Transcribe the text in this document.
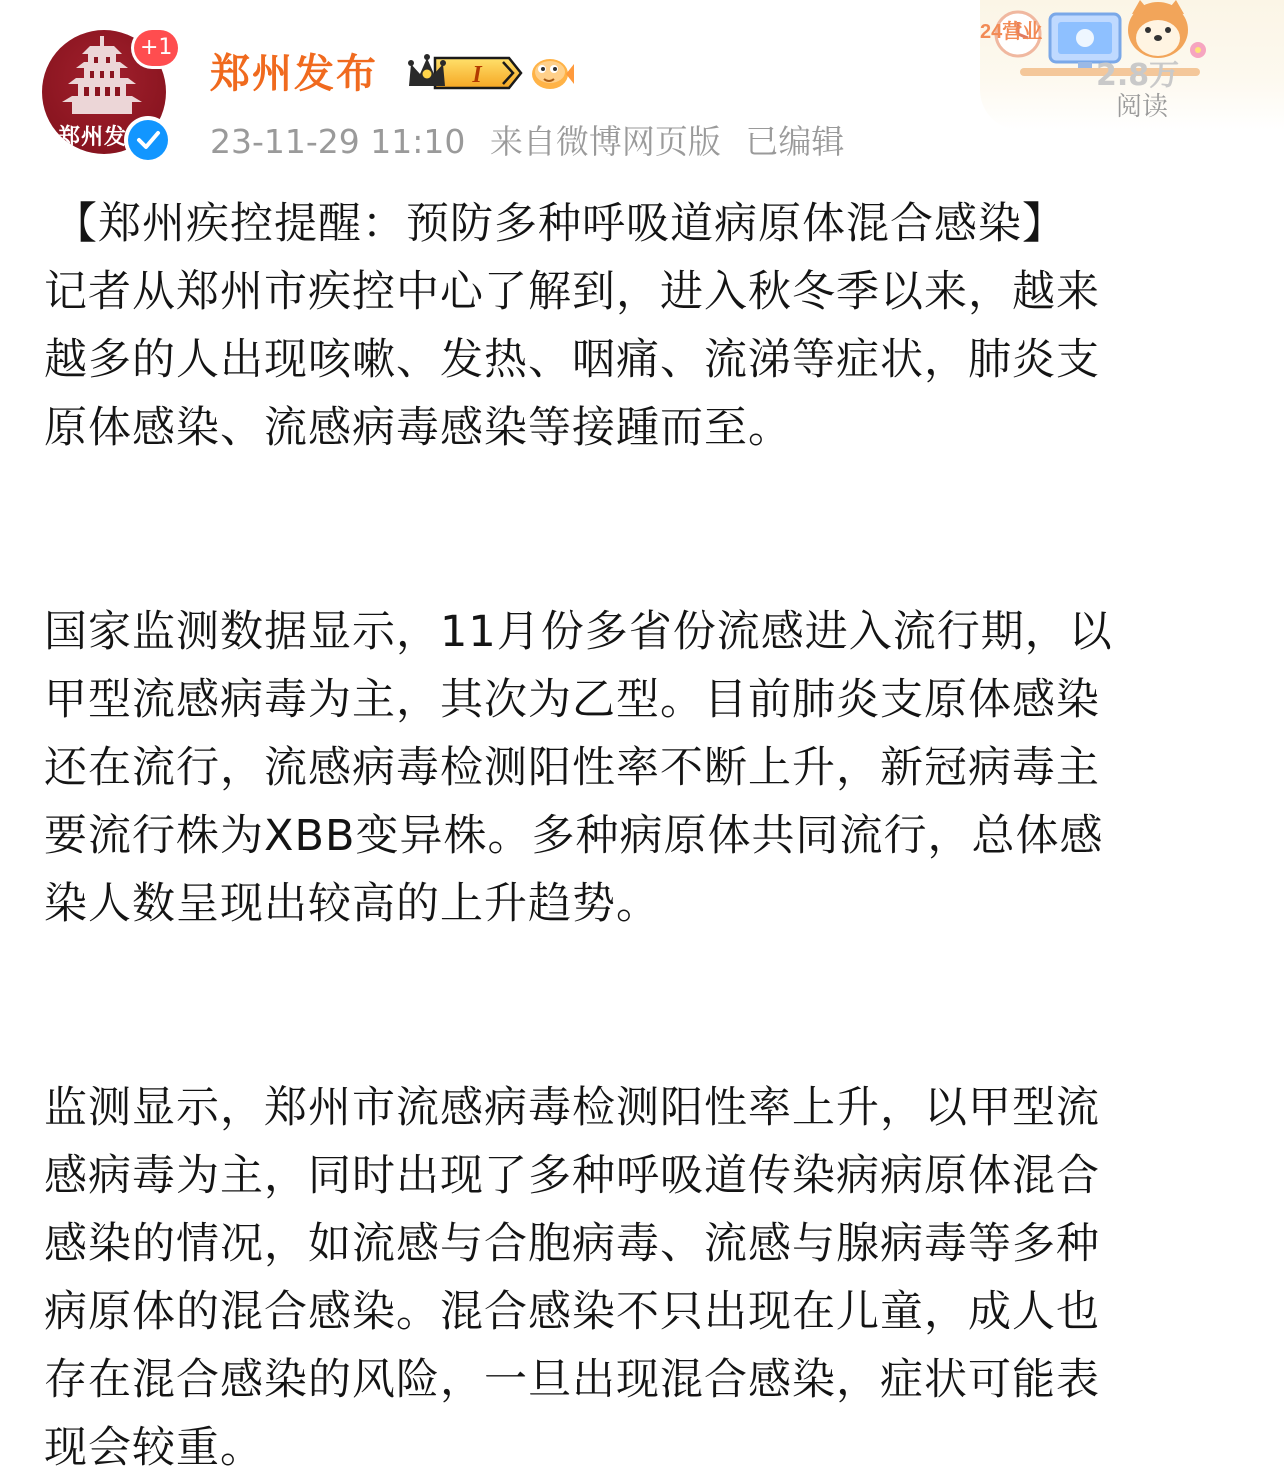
郑州发
+1
郑州发布	I
23-11-29 11:10 来自微博网页版 已编辑
24营业
2.8万
阅读

【郑州疾控提醒：预防多种呼吸道病原体混合感染】

记者从郑州市疾控中心了解到，进入秋冬季以来，越来
越多的人出现咳嗽、发热、咽痛、流涕等症状，肺炎支
原体感染、流感病毒感染等接踵而至。

国家监测数据显示，11月份多省份流感进入流行期，以
甲型流感病毒为主，其次为乙型。目前肺炎支原体感染
还在流行，流感病毒检测阳性率不断上升，新冠病毒主
要流行株为XBB变异株。多种病原体共同流行，总体感
染人数呈现出较高的上升趋势。

监测显示，郑州市流感病毒检测阳性率上升，以甲型流
感病毒为主，同时出现了多种呼吸道传染病病原体混合
感染的情况，如流感与合胞病毒、流感与腺病毒等多种
病原体的混合感染。混合感染不只出现在儿童，成人也
存在混合感染的风险，一旦出现混合感染，症状可能表
现会较重。
